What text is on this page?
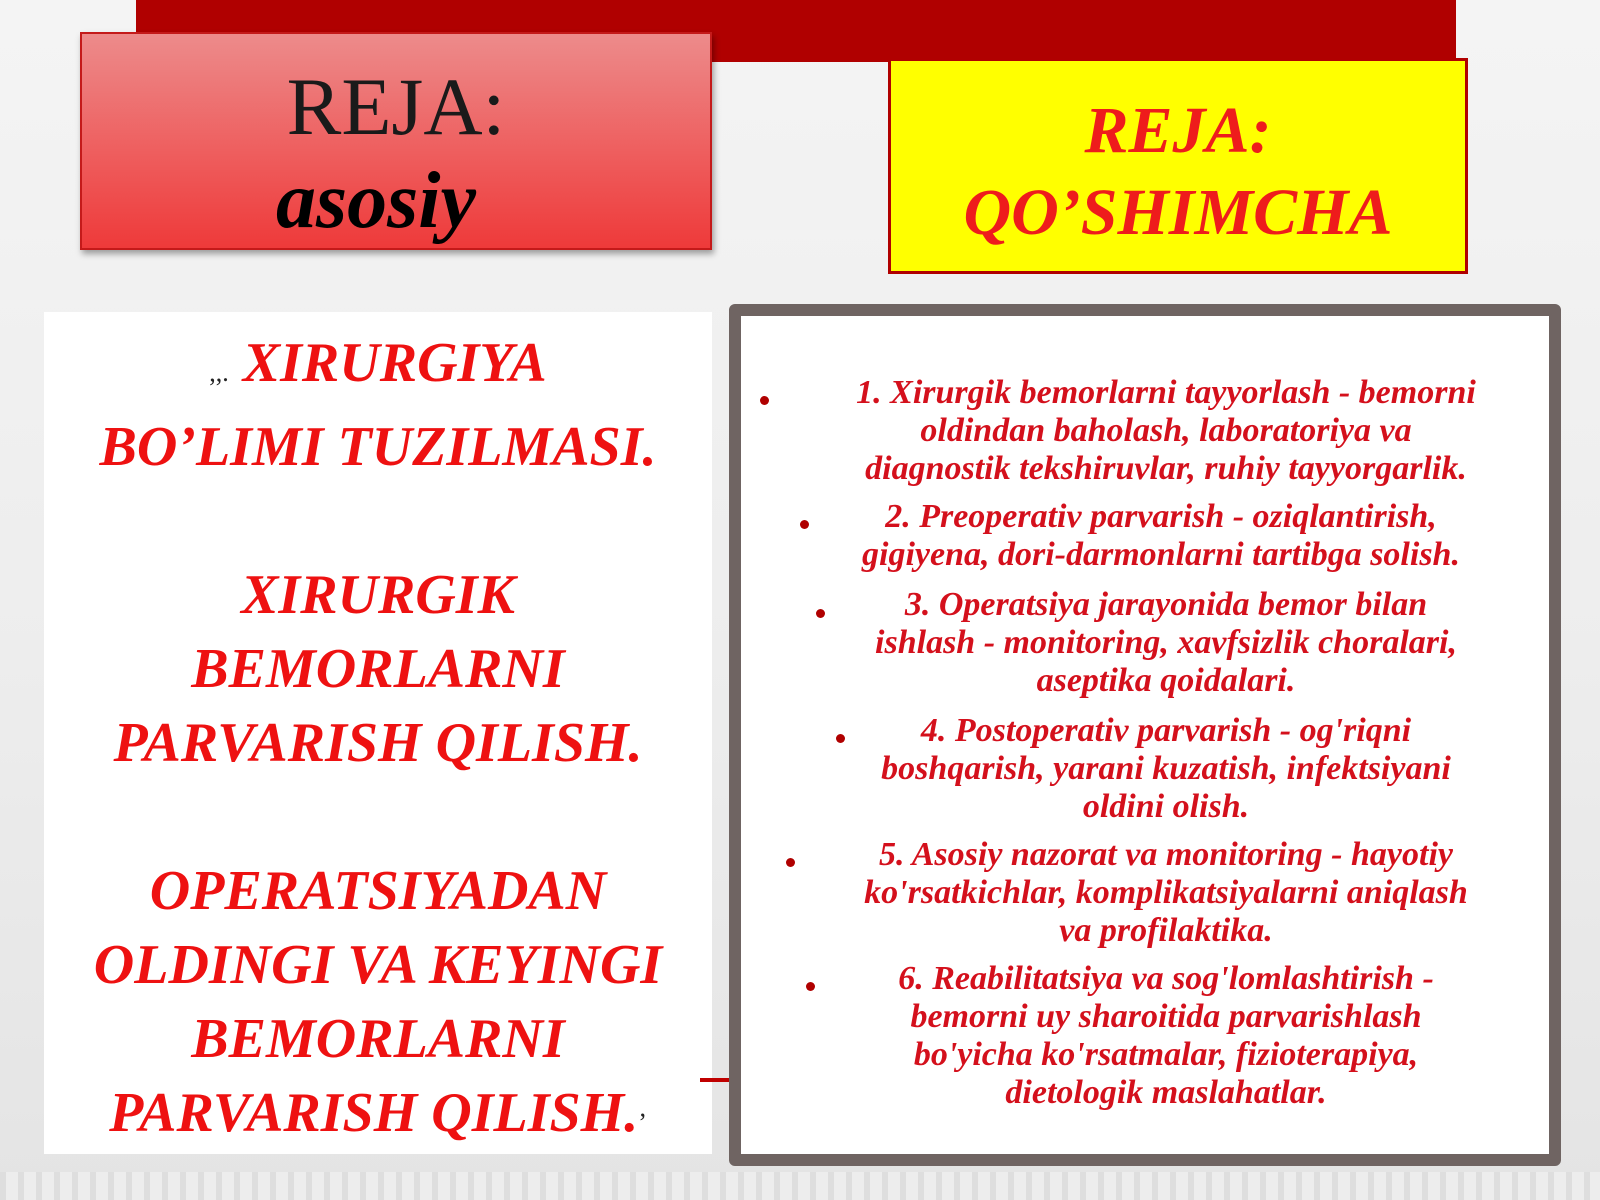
REJA:
asosiy
REJA:
QO’SHIMCHA
,,. XIRURGIYA
BO’LIMI TUZILMASI.
XIRURGIK
BEMORLARNI
PARVARISH QILISH.
OPERATSIYADAN
OLDINGI VA KEYINGI
BEMORLARNI
PARVARISH QILISH.’
1. Xirurgik bemorlarni tayyorlash - bemorni
oldindan baholash, laboratoriya va
diagnostik tekshiruvlar, ruhiy tayyorgarlik.
2. Preoperativ parvarish - oziqlantirish,
gigiyena, dori-darmonlarni tartibga solish.
3. Operatsiya jarayonida bemor bilan
ishlash - monitoring, xavfsizlik choralari,
aseptika qoidalari.
4. Postoperativ parvarish - og'riqni
boshqarish, yarani kuzatish, infektsiyani
oldini olish.
5. Asosiy nazorat va monitoring - hayotiy
ko'rsatkichlar, komplikatsiyalarni aniqlash
va profilaktika.
6. Reabilitatsiya va sog'lomlashtirish -
bemorni uy sharoitida parvarishlash
bo'yicha ko'rsatmalar, fizioterapiya,
dietologik maslahatlar.
